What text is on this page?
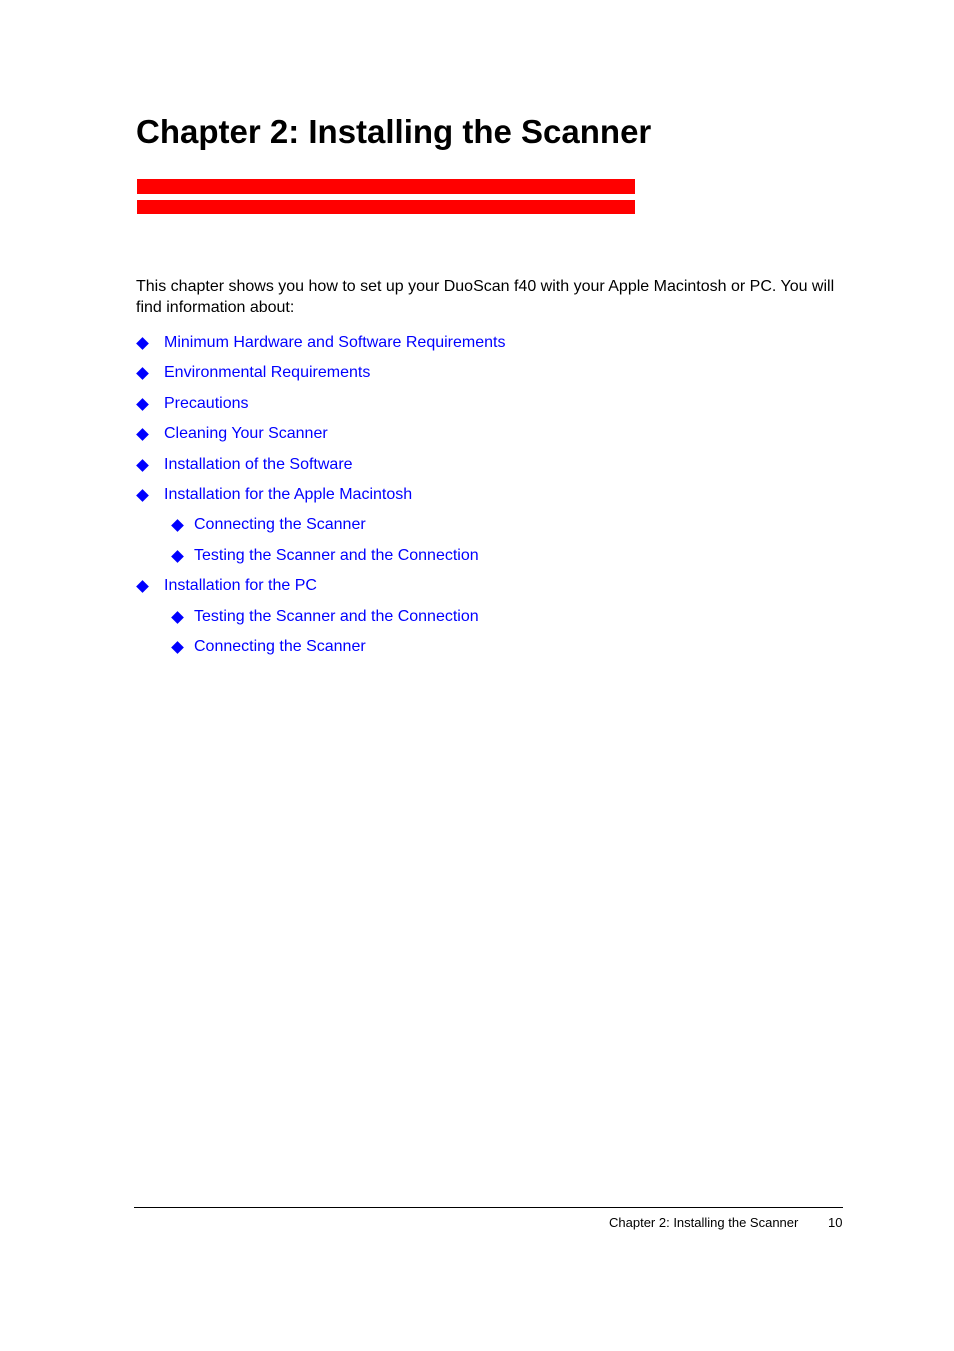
Chapter 2: Installing the Scanner

This chapter shows you how to set up your DuoScan f40 with your Apple Macintosh or PC. You will find information about:

Minimum Hardware and Software Requirements
Environmental Requirements
Precautions
Cleaning Your Scanner
Installation of the Software
Installation for the Apple Macintosh
Connecting the Scanner
Testing the Scanner and the Connection
Installation for the PC
Testing the Scanner and the Connection
Connecting the Scanner
Chapter 2: Installing the Scanner 10
